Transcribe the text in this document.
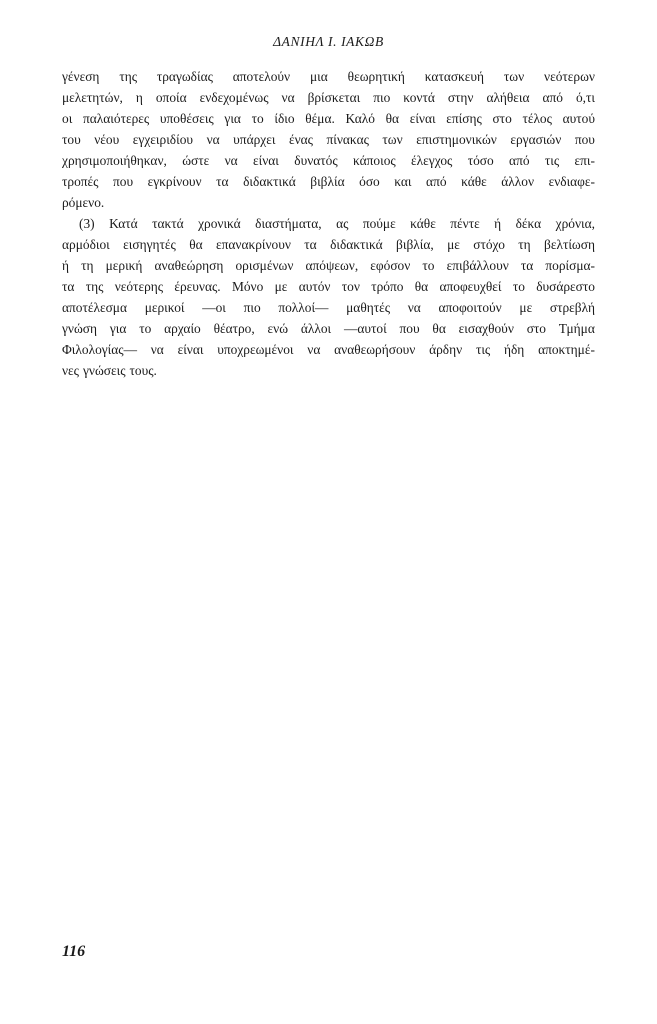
ΔΑΝΙΗΛ Ι. ΙΑΚΩΒ
γένεση της τραγωδίας αποτελούν μια θεωρητική κατασκευή των νεότερων
μελετητών, η οποία ενδεχομένως να βρίσκεται πιο κοντά στην αλήθεια από ό,τι
οι παλαιότερες υποθέσεις για το ίδιο θέμα. Καλό θα είναι επίσης στο τέλος αυτού
του νέου εγχειριδίου να υπάρχει ένας πίνακας των επιστημονικών εργασιών που
χρησιμοποιήθηκαν, ώστε να είναι δυνατός κάποιος έλεγχος τόσο από τις επι-
τροπές που εγκρίνουν τα διδακτικά βιβλία όσο και από κάθε άλλον ενδιαφε-
ρόμενο.
(3) Κατά τακτά χρονικά διαστήματα, ας πούμε κάθε πέντε ή δέκα χρόνια,
αρμόδιοι εισηγητές θα επανακρίνουν τα διδακτικά βιβλία, με στόχο τη βελτίωση
ή τη μερική αναθεώρηση ορισμένων απόψεων, εφόσον το επιβάλλουν τα πορίσμα-
τα της νεότερης έρευνας. Μόνο με αυτόν τον τρόπο θα αποφευχθεί το δυσάρεστο
αποτέλεσμα μερικοί —οι πιο πολλοί— μαθητές να αποφοιτούν με στρεβλή
γνώση για το αρχαίο θέατρο, ενώ άλλοι —αυτοί που θα εισαχθούν στο Τμήμα
Φιλολογίας— να είναι υποχρεωμένοι να αναθεωρήσουν άρδην τις ήδη αποκτημέ-
νες γνώσεις τους.
116
